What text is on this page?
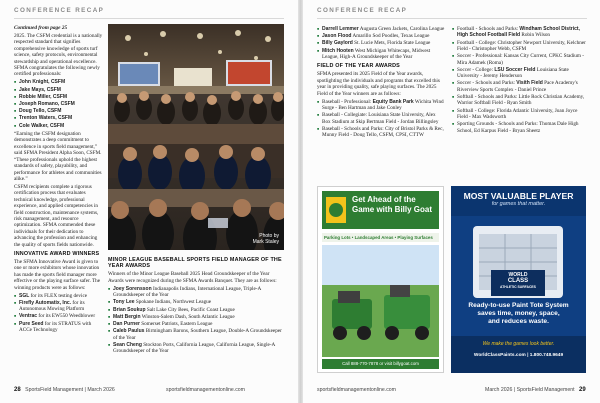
CONFERENCE RECAP	CONFERENCE RECAP

Continued from page 25

2025. The CSFM credential is a nationally respected standard that signifies comprehensive knowledge of sports turf science, safety protocols, environmental stewardship and operational excellence. SFMA congratulates the following newly certified professionals:

■ John Knight, CSFM
■ Jake Mays, CSFM
■ Robbie Miller, CSFM
■ Joseph Romano, CSFM
■ Doug Tello, CSFM
■ Trenton Waters, CSFM
■ Cole Walker, CSFM

“Earning the CSFM designation demonstrates a deep commitment to excellence in sports field management,” said SFMA President Alpha Soon, CSFM. “These professionals uphold the highest standards of safety, playability, and performance for athletes and communities alike.”

CSFM recipients complete a rigorous certification process that evaluates technical knowledge, professional experience, and applied competencies in field construction, maintenance systems, risk management, and resource optimization. SFMA commended these individuals for their dedication to advancing the profession and enhancing the quality of sports fields nationwide.

INNOVATIVE AWARD WINNERS

The SFMA Innovative Award is given to one or more exhibitors whose innovation has made the sports field manager more effective or the playing surface safer. The winning products were as follows:

■ SGL for its FLEX testing device
■ Firefly Automatix, Inc. for its Autonomous Mowing Platform
■ Ventrac for its EW550 Weedblower
■ Pure Seed for its STRATUS with ACCe Technology
Photo by
Mark Staley
MINOR LEAGUE BASEBALL SPORTS FIELD MANAGER OF THE YEAR AWARDS

Winners of the Minor League Baseball 2025 Head Groundskeeper of the Year Awards were recognized during the SFMA Awards Banquet. They are as follows:

■ Joey Sorensson Indianapolis Indians, International League, Triple-A Groundskeeper of the Year
■ Tony Lee Spokane Indians, Northwest League
■ Brian Soukup Salt Lake City Bees, Pacific Coast League
■ Matt Bergin Winston-Salem Dash, South Atlantic League
■ Dan Purner Somerset Patriots, Eastern League
■ Caleb Paulus Birmingham Barons, Southern League, Double-A Groundskeeper of the Year
■ Sean Cheng Stockton Ports, California League, California League, Single-A Groundskeeper of the Year
■ Darrell Lemmer Augusta Green Jackets, Carolina League
■ Jason Flood Amarillo Sod Poodles, Texas League
■ Billy Gaylord St. Lucie Mets, Florida State League
■ Mitch Hooten West Michigan Whitecaps, Midwest League, High-A Groundskeeper of the Year
FIELD OF THE YEAR AWARDS

SFMA presented its 2025 Field of the Year awards, spotlighting the individuals and programs that excelled this year in providing quality, safe playing surfaces. The 2025 Field of the Year winners are as follows:

■ Baseball - Professional: Equity Bank Park Wichita Wind Surge - Ben Hartman and Jake Conley
■ Baseball - Collegiate: Louisiana State University, Alex Box Stadium at Skip Bertman Field - Jordan Billingsley
■ Baseball - Schools and Parks: City of Bristol Parks & Rec, Munny Field - Doug Tello, CSFM, CPSI, CTTW
■ Football - Schools and Parks: Windham School District, High School Football Field Robin Wilson
■ Football - College: Christopher Newport University, Kelchner Field - Christopher Webb, CSFM
■ Soccer - Professional: Kansas City Current, CPKC Stadium - Mira Adamek (Roma)
■ Soccer - College: LSU Soccer Field Louisiana State University - Jeremy Henderson
■ Soccer - Schools and Parks: Visith Field Pace Academy's Riverview Sports Complex - Daniel Prince
■ Softball - Schools and Parks: Little Rock Christian Academy, Warrior Softball Field - Ryan Smith
■ Softball - College: Florida Atlantic University, Joan Joyce Field - Max Wadsworth
■ Sporting Grounds - Schools and Parks: Thomas Dale High School, Ed Karpus Field - Bryan Sheetz
Get Ahead of the
Game with Billy Goat
Parking Lots • Landscaped Areas • Playing Surfaces
Call 888-770-7878 or visit billygoat.com
MOST VALUABLE PLAYER
for games that matter.
WORLD
CLASS
ATHLETIC SURFACES
Ready-to-use Paint Tote System
saves time, money, space,
and reduces waste.
We make the games look better.
WorldClassPaints.com | 1.800.748.9649
28 SportsField Management | March 2026	sportsfieldmanagementonline.com	sportsfieldmanagementonline.com	March 2026 | SportsField Management 29
